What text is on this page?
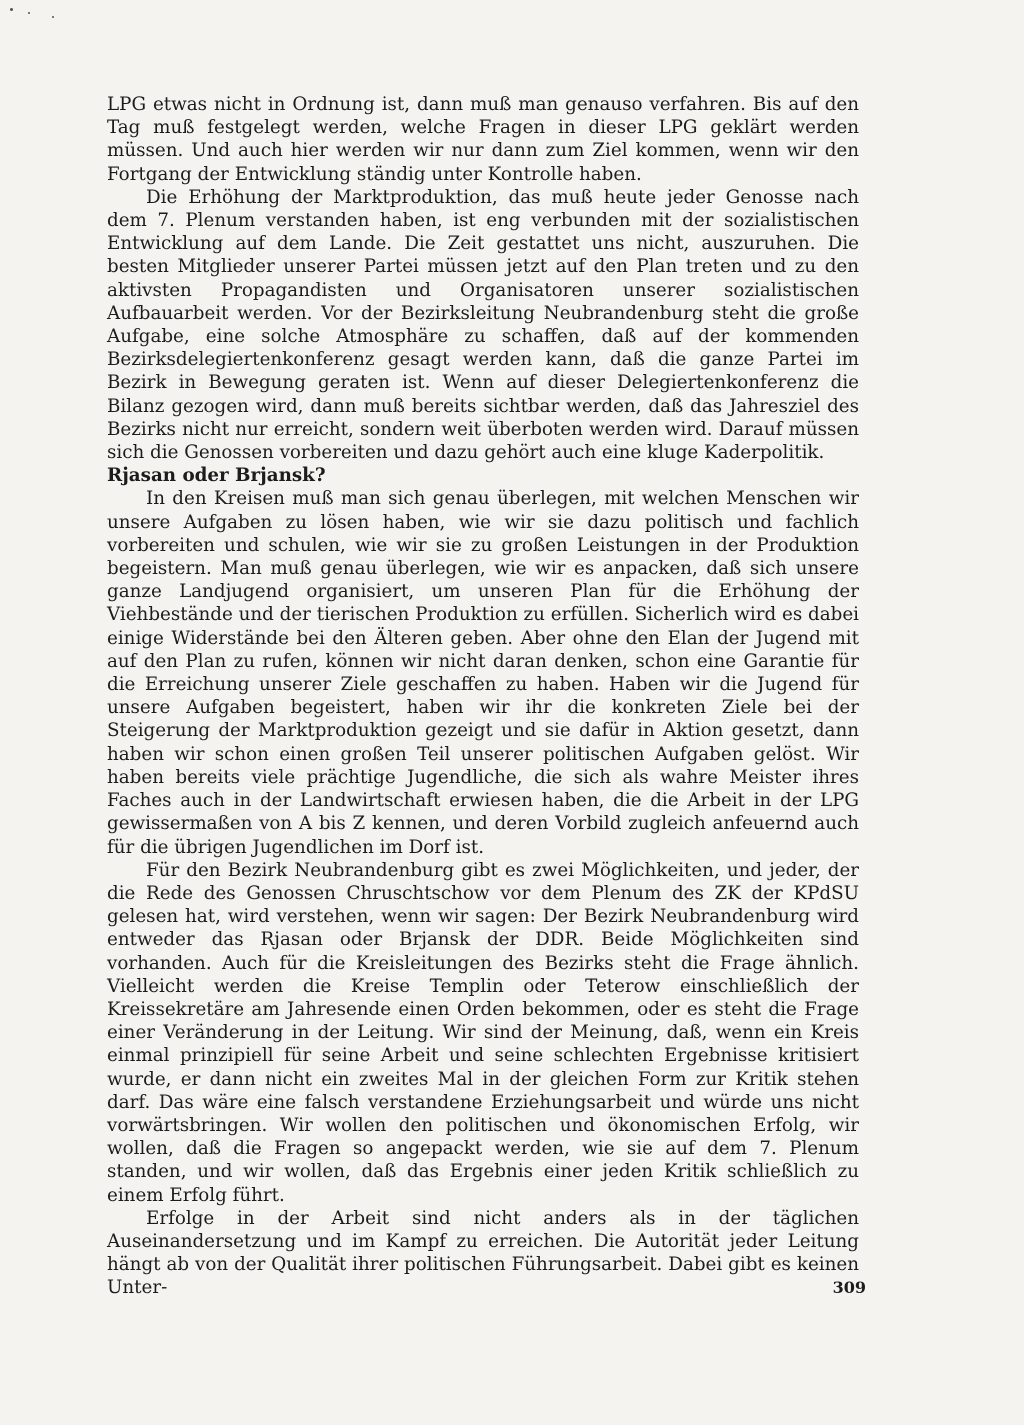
LPG etwas nicht in Ordnung ist, dann muß man genauso verfahren. Bis auf den Tag muß festgelegt werden, welche Fragen in dieser LPG geklärt werden müssen. Und auch hier werden wir nur dann zum Ziel kommen, wenn wir den Fortgang der Entwicklung ständig unter Kontrolle haben.

Die Erhöhung der Marktproduktion, das muß heute jeder Genosse nach dem 7. Plenum verstanden haben, ist eng verbunden mit der sozialistischen Entwicklung auf dem Lande. Die Zeit gestattet uns nicht, auszuruhen. Die besten Mitglieder unserer Partei müssen jetzt auf den Plan treten und zu den aktivsten Propagandisten und Organisatoren unserer sozialistischen Aufbauarbeit werden. Vor der Bezirksleitung Neubrandenburg steht die große Aufgabe, eine solche Atmosphäre zu schaffen, daß auf der kommenden Bezirksdelegiertenkonferenz gesagt werden kann, daß die ganze Partei im Bezirk in Bewegung geraten ist. Wenn auf dieser Delegiertenkonferenz die Bilanz gezogen wird, dann muß bereits sichtbar werden, daß das Jahresziel des Bezirks nicht nur erreicht, sondern weit überboten werden wird. Darauf müssen sich die Genossen vorbereiten und dazu gehört auch eine kluge Kaderpolitik.

Rjasan oder Brjansk?

In den Kreisen muß man sich genau überlegen, mit welchen Menschen wir unsere Aufgaben zu lösen haben, wie wir sie dazu politisch und fachlich vorbereiten und schulen, wie wir sie zu großen Leistungen in der Produktion begeistern. Man muß genau überlegen, wie wir es anpacken, daß sich unsere ganze Landjugend organisiert, um unseren Plan für die Erhöhung der Viehbestände und der tierischen Produktion zu erfüllen. Sicherlich wird es dabei einige Widerstände bei den Älteren geben. Aber ohne den Elan der Jugend mit auf den Plan zu rufen, können wir nicht daran denken, schon eine Garantie für die Erreichung unserer Ziele geschaffen zu haben. Haben wir die Jugend für unsere Aufgaben begeistert, haben wir ihr die konkreten Ziele bei der Steigerung der Marktproduktion gezeigt und sie dafür in Aktion gesetzt, dann haben wir schon einen großen Teil unserer politischen Aufgaben gelöst. Wir haben bereits viele prächtige Jugendliche, die sich als wahre Meister ihres Faches auch in der Landwirtschaft erwiesen haben, die die Arbeit in der LPG gewissermaßen von A bis Z kennen, und deren Vorbild zugleich anfeuernd auch für die übrigen Jugendlichen im Dorf ist.

Für den Bezirk Neubrandenburg gibt es zwei Möglichkeiten, und jeder, der die Rede des Genossen Chruschtschow vor dem Plenum des ZK der KPdSU gelesen hat, wird verstehen, wenn wir sagen: Der Bezirk Neubrandenburg wird entweder das Rjasan oder Brjansk der DDR. Beide Möglichkeiten sind vorhanden. Auch für die Kreisleitungen des Bezirks steht die Frage ähnlich. Vielleicht werden die Kreise Templin oder Teterow einschließlich der Kreissekretäre am Jahresende einen Orden bekommen, oder es steht die Frage einer Veränderung in der Leitung. Wir sind der Meinung, daß, wenn ein Kreis einmal prinzipiell für seine Arbeit und seine schlechten Ergebnisse kritisiert wurde, er dann nicht ein zweites Mal in der gleichen Form zur Kritik stehen darf. Das wäre eine falsch verstandene Erziehungsarbeit und würde uns nicht vorwärtsbringen. Wir wollen den politischen und ökonomischen Erfolg, wir wollen, daß die Fragen so angepackt werden, wie sie auf dem 7. Plenum standen, und wir wollen, daß das Ergebnis einer jeden Kritik schließlich zu einem Erfolg führt.

Erfolge in der Arbeit sind nicht anders als in der täglichen Auseinandersetzung und im Kampf zu erreichen. Die Autorität jeder Leitung hängt ab von der Qualität ihrer politischen Führungsarbeit. Dabei gibt es keinen Unter-	309
